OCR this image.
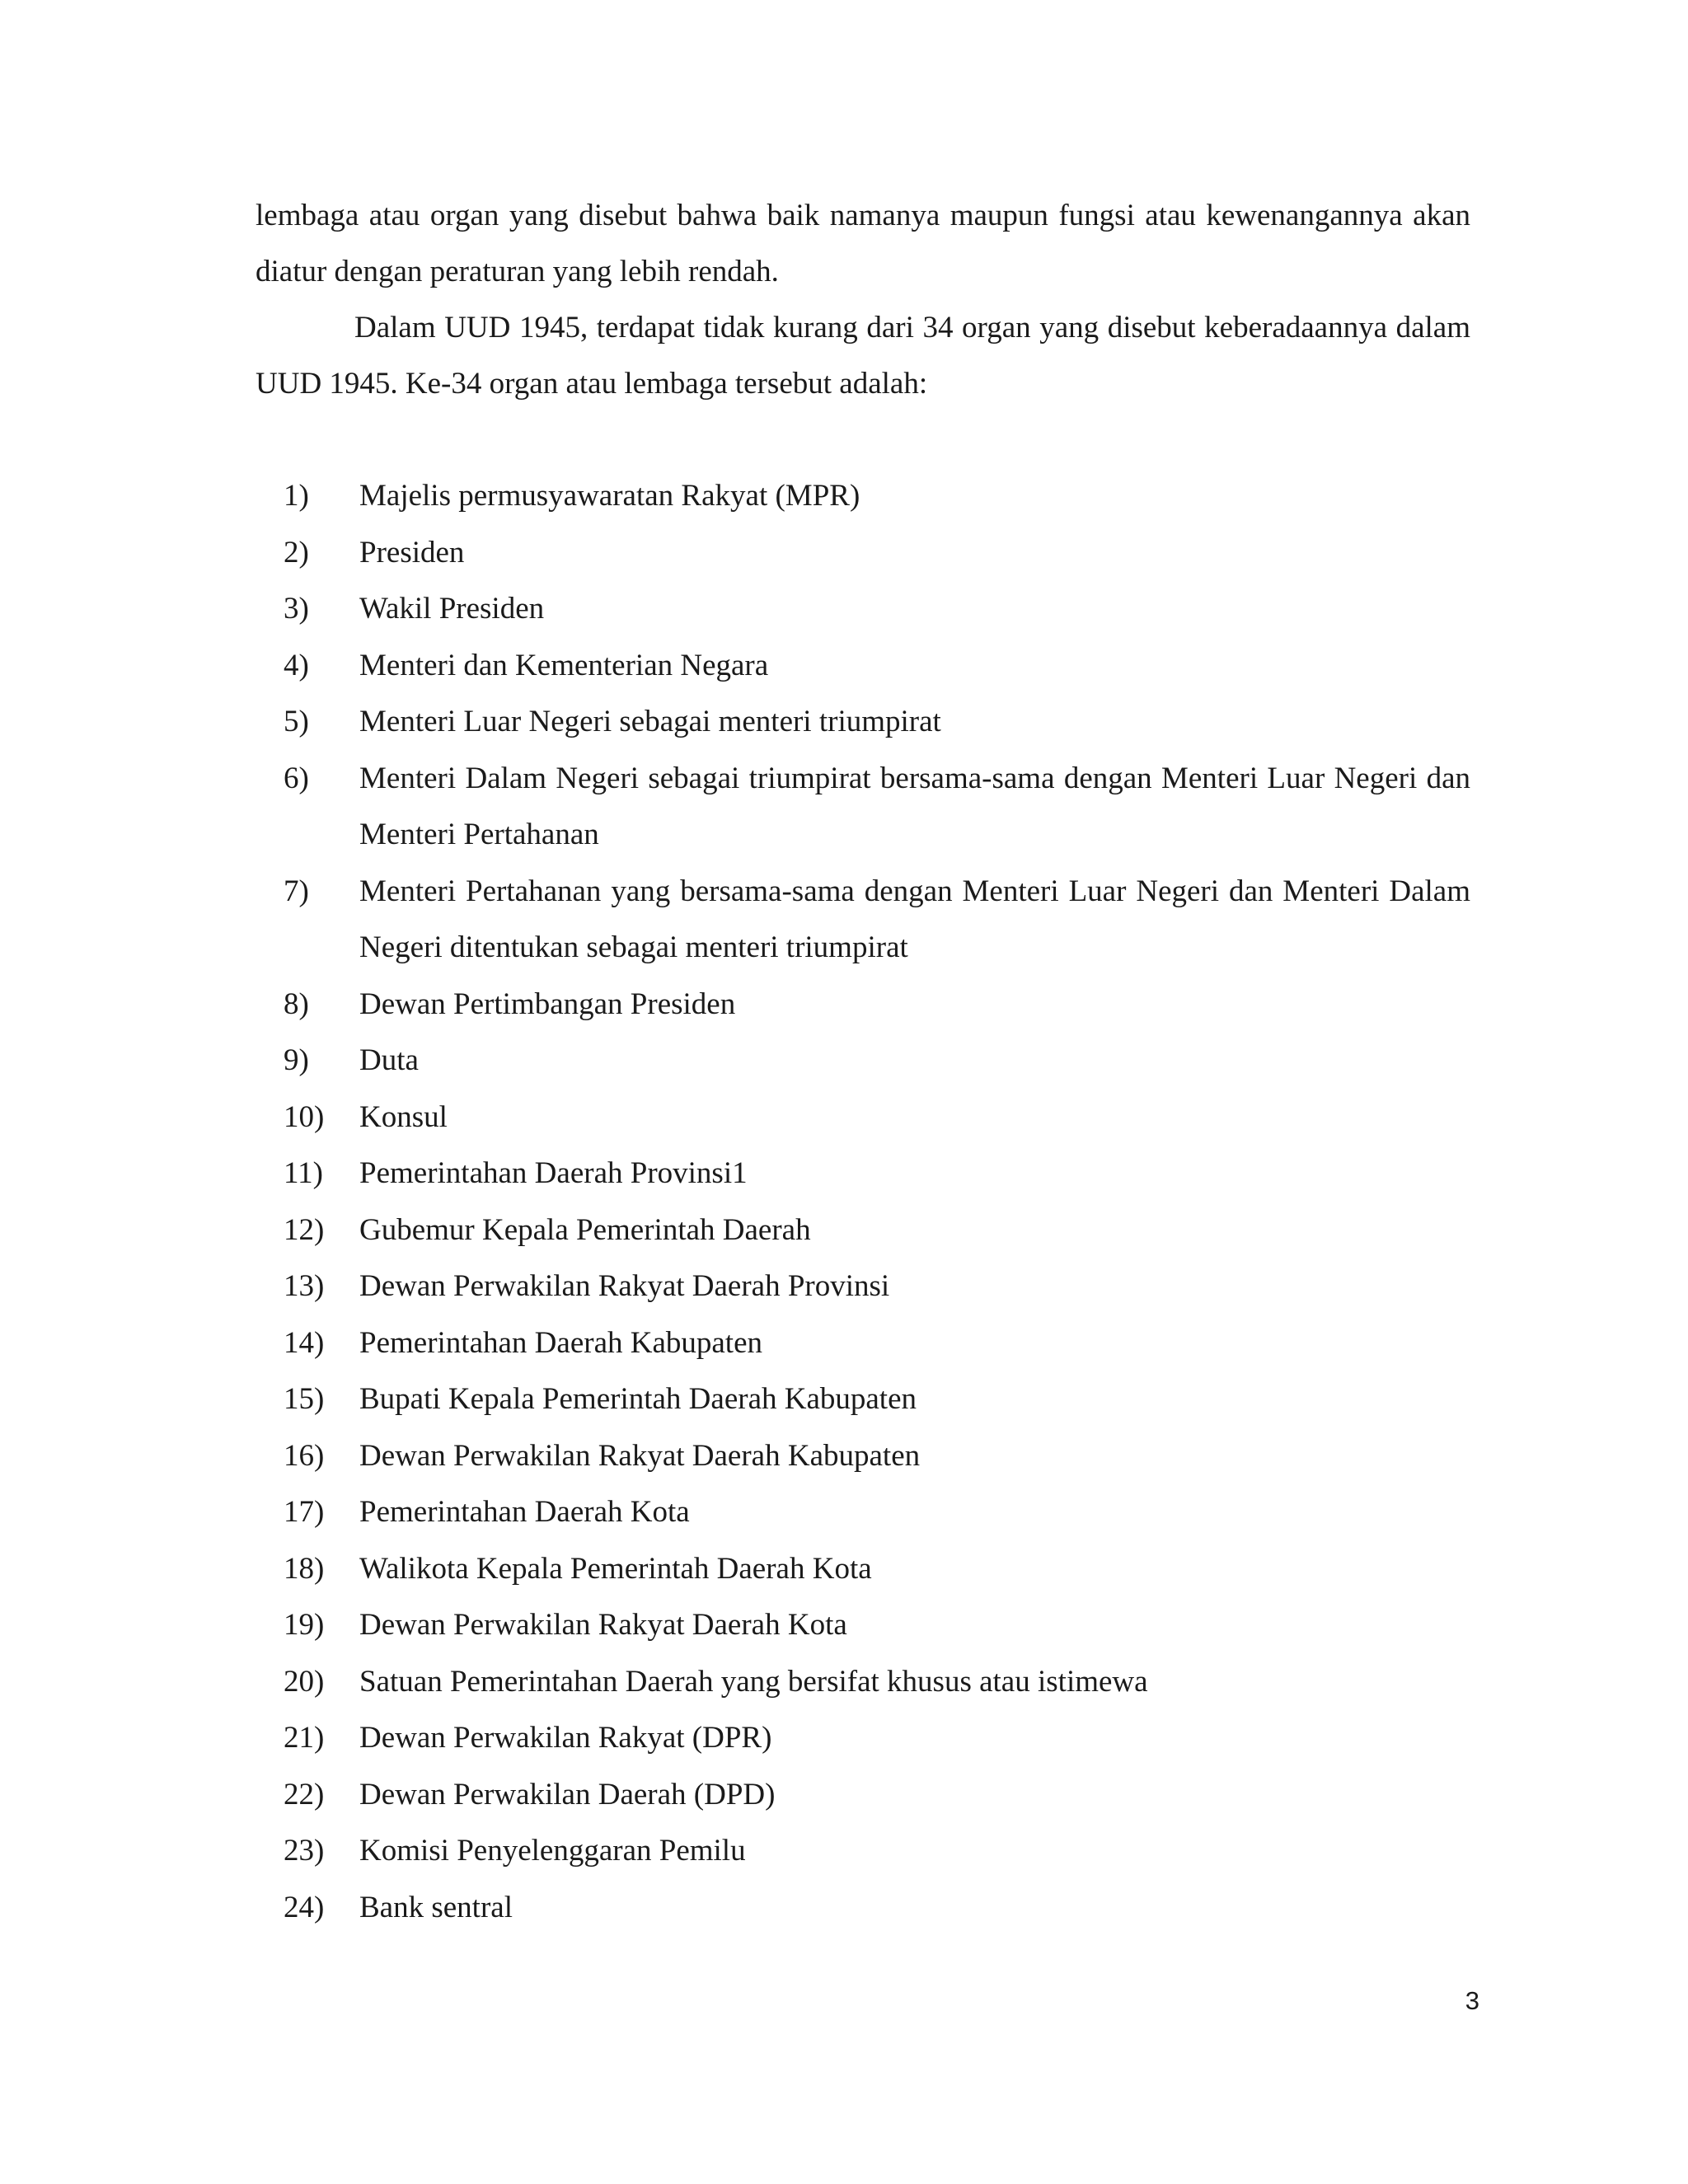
lembaga atau organ yang disebut bahwa baik namanya maupun fungsi atau kewenangannya akan diatur dengan peraturan yang lebih rendah.

Dalam UUD 1945, terdapat tidak kurang dari 34 organ yang disebut keberadaannya dalam UUD 1945. Ke-34 organ atau lembaga tersebut adalah:

1)	Majelis permusyawaratan Rakyat (MPR)
2)	Presiden
3)	Wakil Presiden
4)	Menteri dan Kementerian Negara
5)	Menteri Luar Negeri sebagai menteri triumpirat
6)	Menteri Dalam Negeri sebagai triumpirat bersama-sama dengan Menteri Luar Negeri dan Menteri Pertahanan
7)	Menteri Pertahanan yang bersama-sama dengan Menteri Luar Negeri dan Menteri Dalam Negeri ditentukan sebagai menteri triumpirat
8)	Dewan Pertimbangan Presiden
9)	Duta
10)	Konsul
11)	Pemerintahan Daerah Provinsi1
12)	Gubemur Kepala Pemerintah Daerah
13)	Dewan Perwakilan Rakyat Daerah Provinsi
14)	Pemerintahan Daerah Kabupaten
15)	Bupati Kepala Pemerintah Daerah Kabupaten
16)	Dewan Perwakilan Rakyat Daerah Kabupaten
17)	Pemerintahan Daerah Kota
18)	Walikota Kepala Pemerintah Daerah Kota
19)	Dewan Perwakilan Rakyat Daerah Kota
20)	Satuan Pemerintahan Daerah yang bersifat khusus atau istimewa
21)	Dewan Perwakilan Rakyat (DPR)
22)	Dewan Perwakilan Daerah (DPD)
23)	Komisi Penyelenggaran Pemilu
24)	Bank sentral
3
